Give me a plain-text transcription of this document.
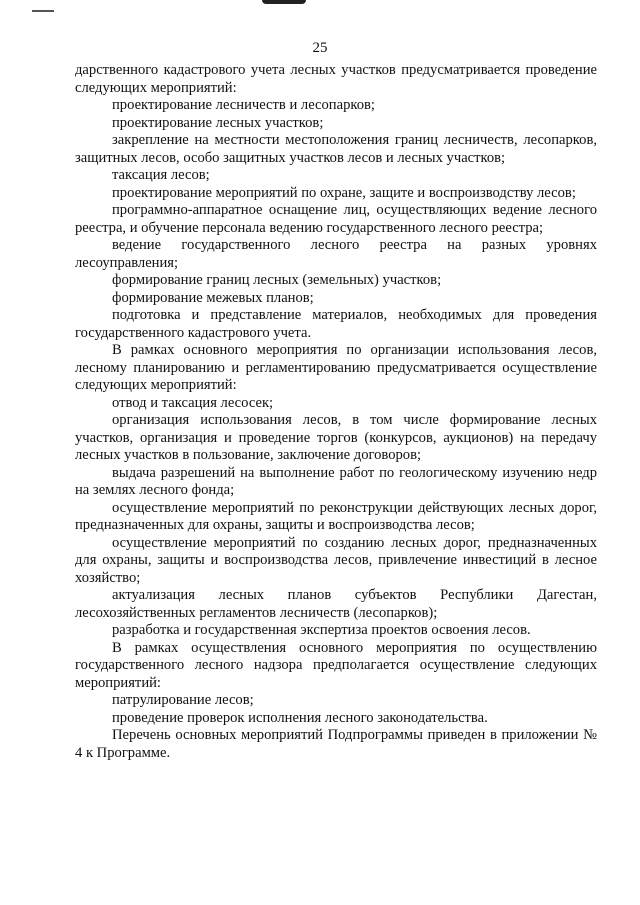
25

дарственного кадастрового учета лесных участков предусматривается проведение следующих мероприятий:

проектирование лесничеств и лесопарков;

проектирование лесных участков;

закрепление на местности местоположения границ лесничеств, лесопарков, защитных лесов, особо защитных участков лесов и лесных участков;

таксация лесов;

проектирование мероприятий по охране, защите и воспроизводству лесов;

программно-аппаратное оснащение лиц, осуществляющих ведение лесного реестра, и обучение персонала ведению государственного лесного реестра;

ведение государственного лесного реестра на разных уровнях лесоуправления;

формирование границ лесных (земельных) участков;

формирование межевых планов;

подготовка и представление материалов, необходимых для проведения государственного кадастрового учета.

В рамках основного мероприятия по организации использования лесов, лесному планированию и регламентированию предусматривается осуществление следующих мероприятий:

отвод и таксация лесосек;

организация использования лесов, в том числе формирование лесных участков, организация и проведение торгов (конкурсов, аукционов) на передачу лесных участков в пользование, заключение договоров;

выдача разрешений на выполнение работ по геологическому изучению недр на землях лесного фонда;

осуществление мероприятий по реконструкции действующих лесных дорог, предназначенных для охраны, защиты и воспроизводства лесов;

осуществление мероприятий по созданию лесных дорог, предназначенных для охраны, защиты и воспроизводства лесов, привлечение инвестиций в лесное хозяйство;

актуализация лесных планов субъектов Республики Дагестан, лесохозяйственных регламентов лесничеств (лесопарков);

разработка и государственная экспертиза проектов освоения лесов.

В рамках осуществления основного мероприятия по осуществлению государственного лесного надзора предполагается осуществление следующих мероприятий:

патрулирование лесов;

проведение проверок исполнения лесного законодательства.

Перечень основных мероприятий Подпрограммы приведен в приложении № 4 к Программе.
